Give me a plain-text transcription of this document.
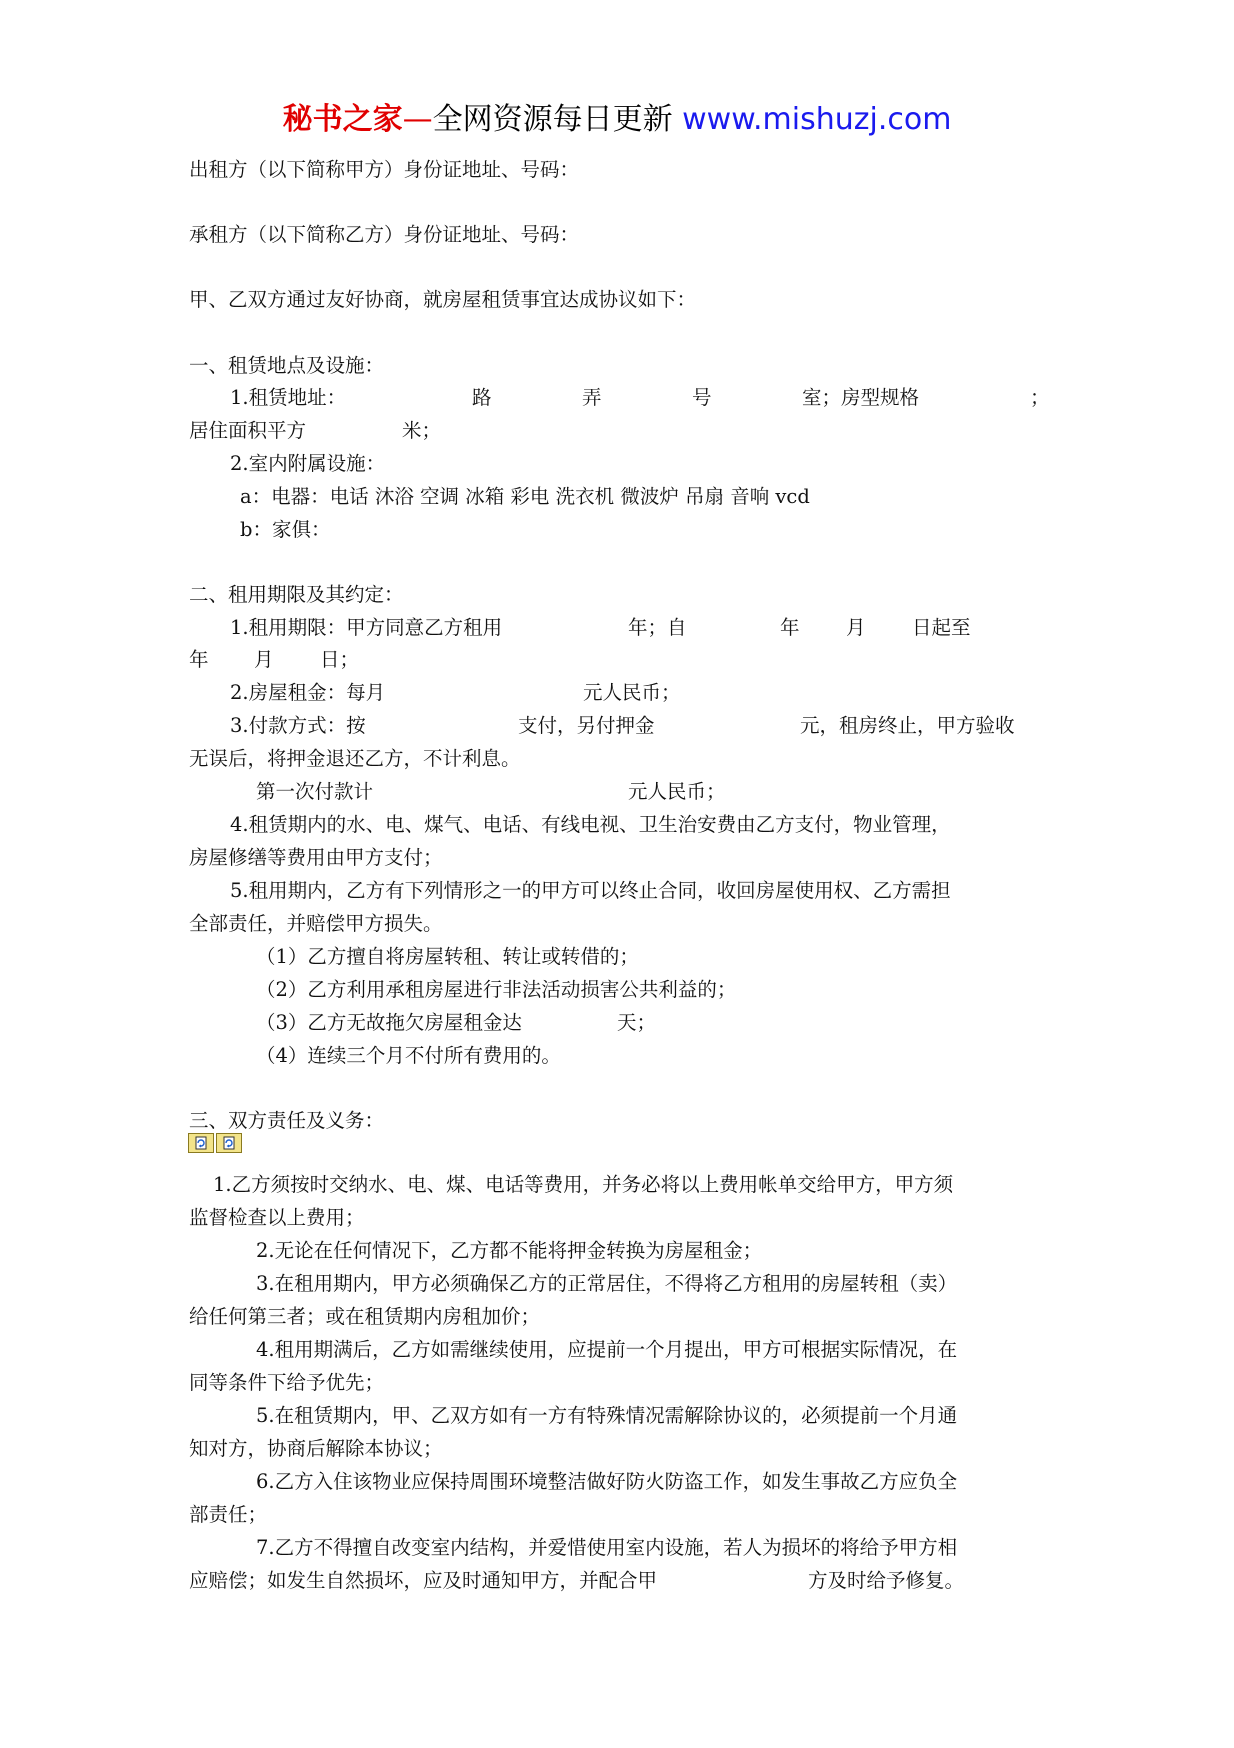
秘书之家—全网资源每日更新 www.mishuzj.com
出租方（以下简称甲方）身份证地址、号码：
承租方（以下简称乙方）身份证地址、号码：
甲、乙双方通过友好协商，就房屋租赁事宜达成协议如下：
一、租赁地点及设施：
1.租赁地址：	路	弄	号	室；房型规格	；
居住面积平方	米；
2.室内附属设施：
a：电器：电话 沐浴 空调 冰箱 彩电 洗衣机 微波炉 吊扇 音响 vcd
b：家俱：
二、租用期限及其约定：
1.租用期限：甲方同意乙方租用	年；自	年 月 日起至
年 月 日；
2.房屋租金：每月	元人民币；
3.付款方式：按	支付，另付押金	元，租房终止，甲方验收
无误后，将押金退还乙方，不计利息。
第一次付款计	元人民币；
4.租赁期内的水、电、煤气、电话、有线电视、卫生治安费由乙方支付，物业管理，
房屋修缮等费用由甲方支付；
5.租用期内，乙方有下列情形之一的甲方可以终止合同，收回房屋使用权、乙方需担
全部责任，并赔偿甲方损失。
（1）乙方擅自将房屋转租、转让或转借的；
（2）乙方利用承租房屋进行非法活动损害公共利益的；
（3）乙方无故拖欠房屋租金达	天；
（4）连续三个月不付所有费用的。
三、双方责任及义务：
1.乙方须按时交纳水、电、煤、电话等费用，并务必将以上费用帐单交给甲方，甲方须
监督检查以上费用；
2.无论在任何情况下，乙方都不能将押金转换为房屋租金；
3.在租用期内，甲方必须确保乙方的正常居住，不得将乙方租用的房屋转租（卖）
给任何第三者；或在租赁期内房租加价；
4.租用期满后，乙方如需继续使用，应提前一个月提出，甲方可根据实际情况，在
同等条件下给予优先；
5.在租赁期内，甲、乙双方如有一方有特殊情况需解除协议的，必须提前一个月通
知对方，协商后解除本协议；
6.乙方入住该物业应保持周围环境整洁做好防火防盗工作，如发生事故乙方应负全
部责任；
7.乙方不得擅自改变室内结构，并爱惜使用室内设施，若人为损坏的将给予甲方相
应赔偿；如发生自然损坏，应及时通知甲方，并配合甲	方及时给予修复。
